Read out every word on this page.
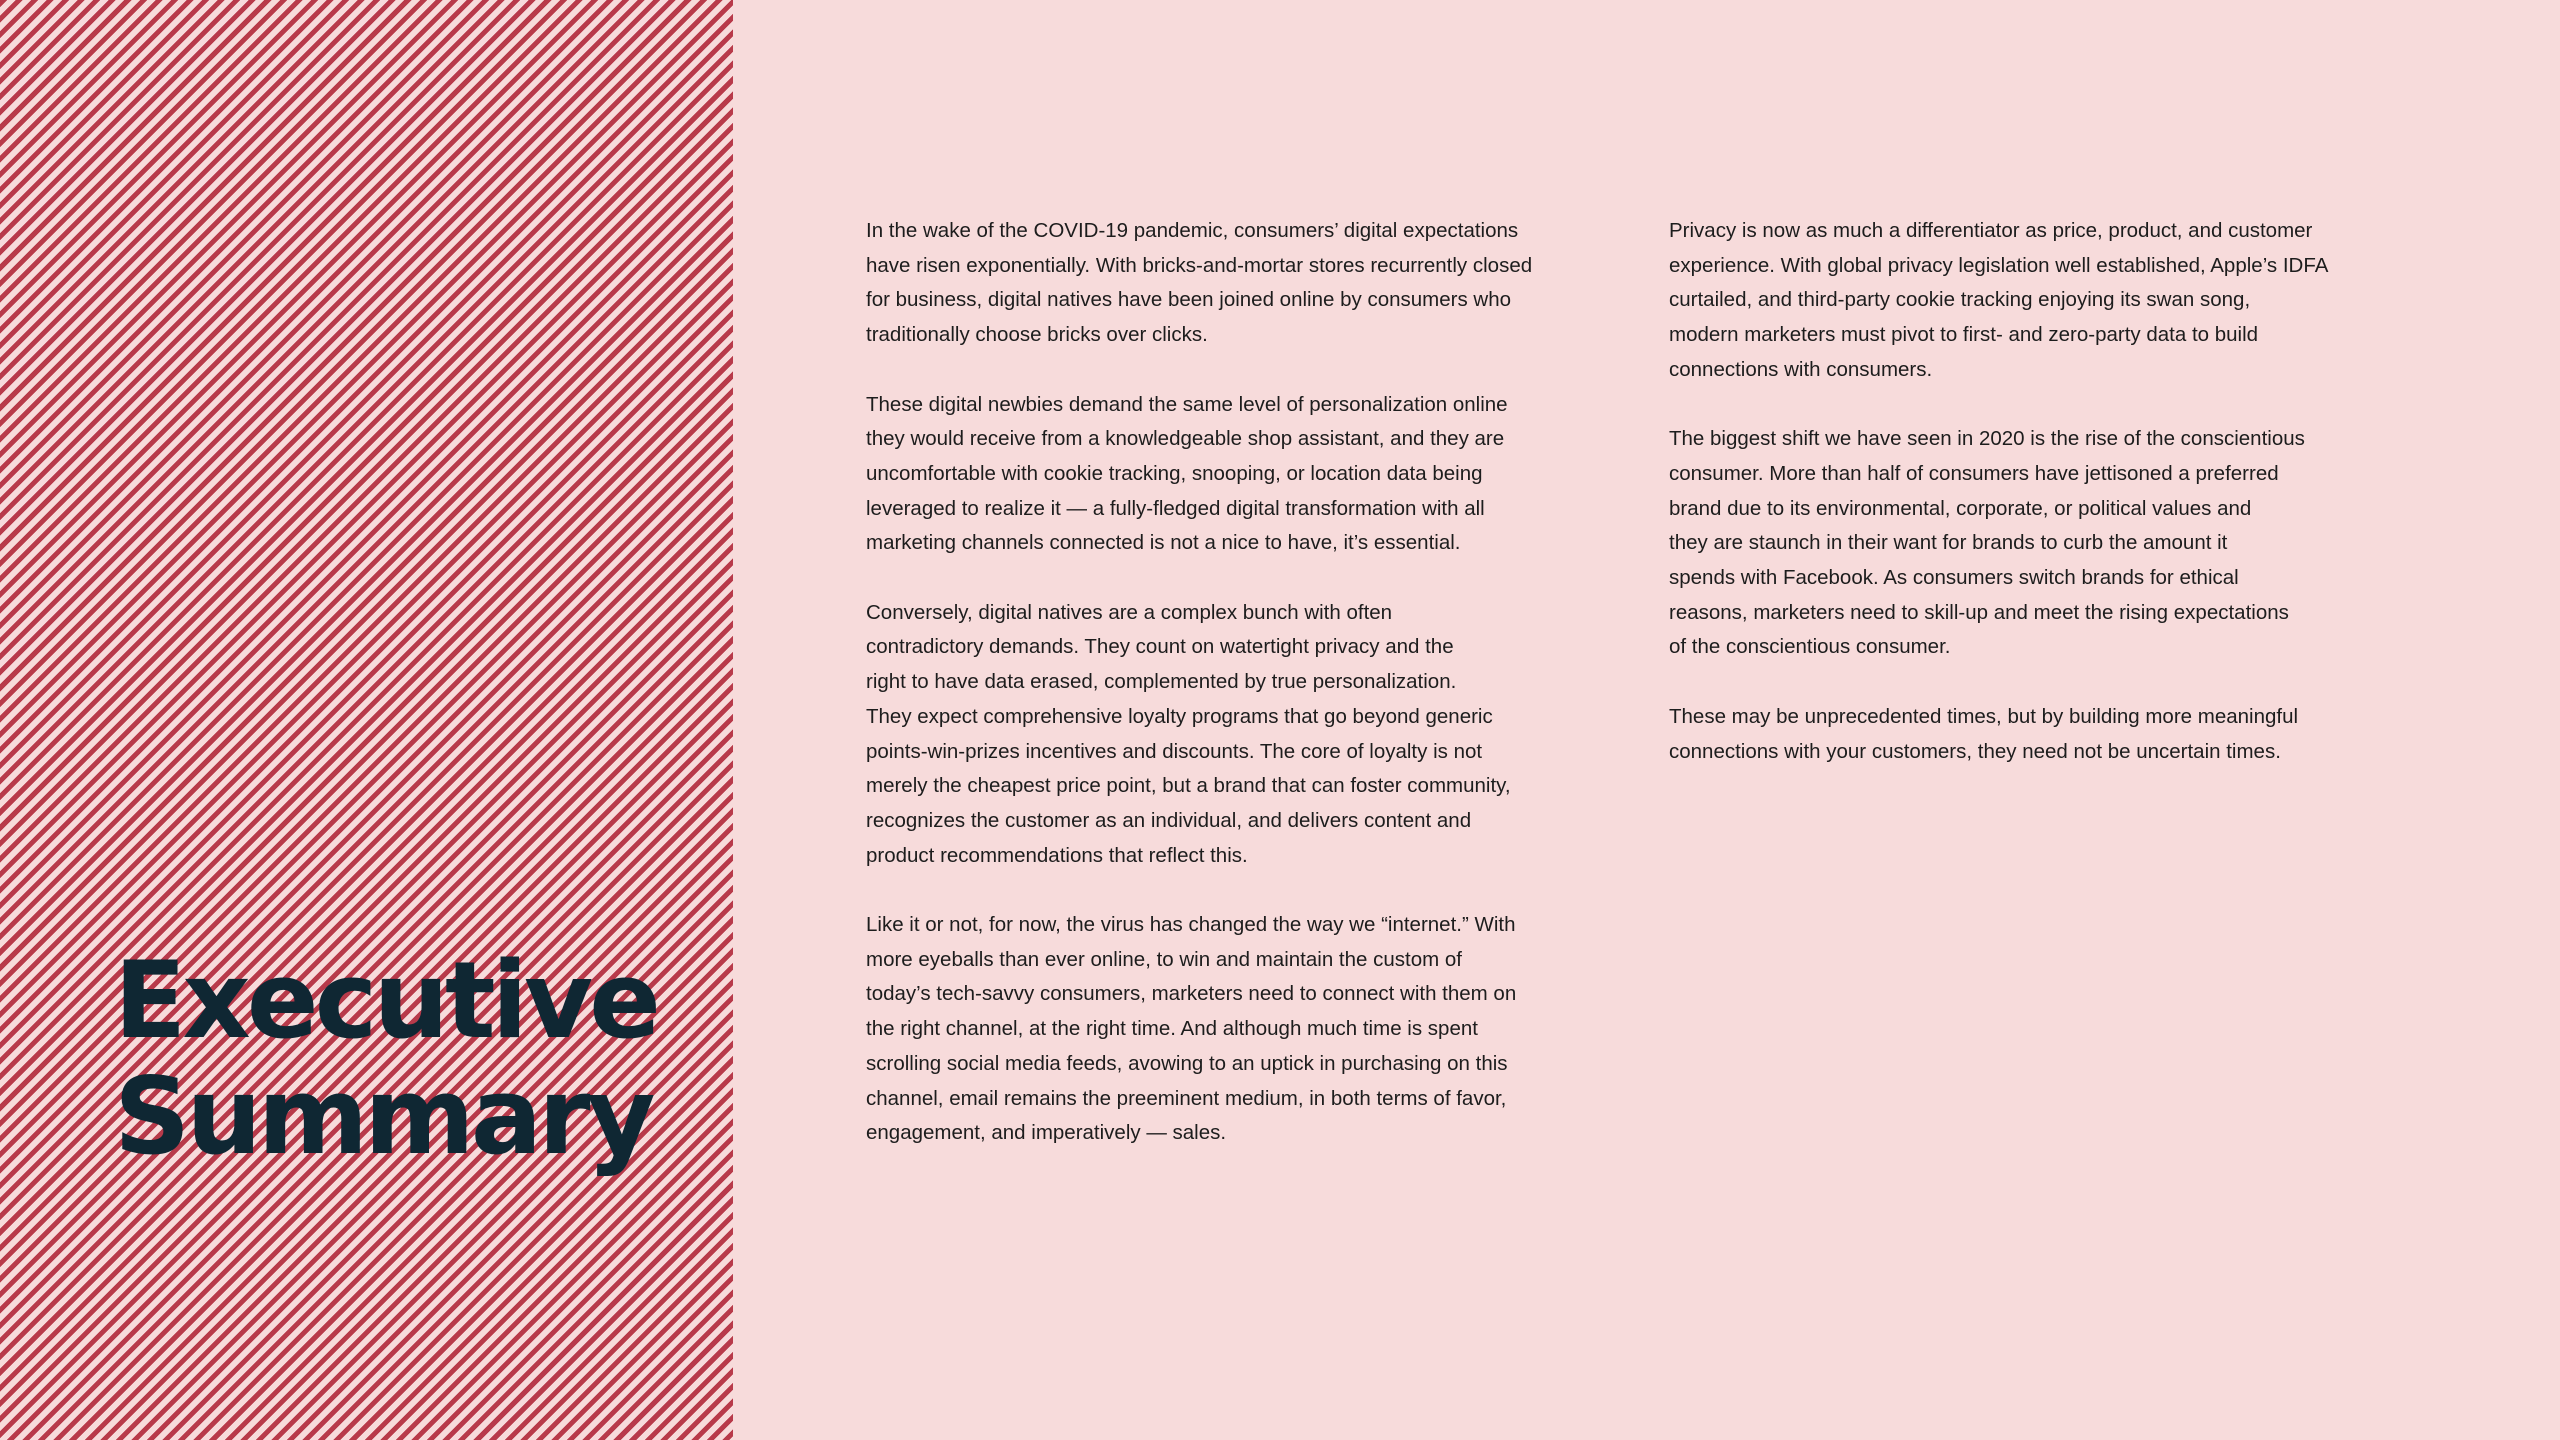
Executive
Summary

In the wake of the COVID-19 pandemic, consumers’ digital expectations
have risen exponentially. With bricks-and-mortar stores recurrently closed
for business, digital natives have been joined online by consumers who
traditionally choose bricks over clicks.

These digital newbies demand the same level of personalization online
they would receive from a knowledgeable shop assistant, and they are
uncomfortable with cookie tracking, snooping, or location data being
leveraged to realize it — a fully-fledged digital transformation with all
marketing channels connected is not a nice to have, it’s essential.

Conversely, digital natives are a complex bunch with often
contradictory demands. They count on watertight privacy and the
right to have data erased, complemented by true personalization.
They expect comprehensive loyalty programs that go beyond generic
points-win-prizes incentives and discounts. The core of loyalty is not
merely the cheapest price point, but a brand that can foster community,
recognizes the customer as an individual, and delivers content and
product recommendations that reflect this.

Like it or not, for now, the virus has changed the way we “internet.” With
more eyeballs than ever online, to win and maintain the custom of
today’s tech-savvy consumers, marketers need to connect with them on
the right channel, at the right time. And although much time is spent
scrolling social media feeds, avowing to an uptick in purchasing on this
channel, email remains the preeminent medium, in both terms of favor,
engagement, and imperatively — sales.

Privacy is now as much a differentiator as price, product, and customer
experience. With global privacy legislation well established, Apple’s IDFA
curtailed, and third-party cookie tracking enjoying its swan song,
modern marketers must pivot to first- and zero-party data to build
connections with consumers.

The biggest shift we have seen in 2020 is the rise of the conscientious
consumer. More than half of consumers have jettisoned a preferred
brand due to its environmental, corporate, or political values and
they are staunch in their want for brands to curb the amount it
spends with Facebook. As consumers switch brands for ethical
reasons, marketers need to skill-up and meet the rising expectations
of the conscientious consumer.

These may be unprecedented times, but by building more meaningful
connections with your customers, they need not be uncertain times.
